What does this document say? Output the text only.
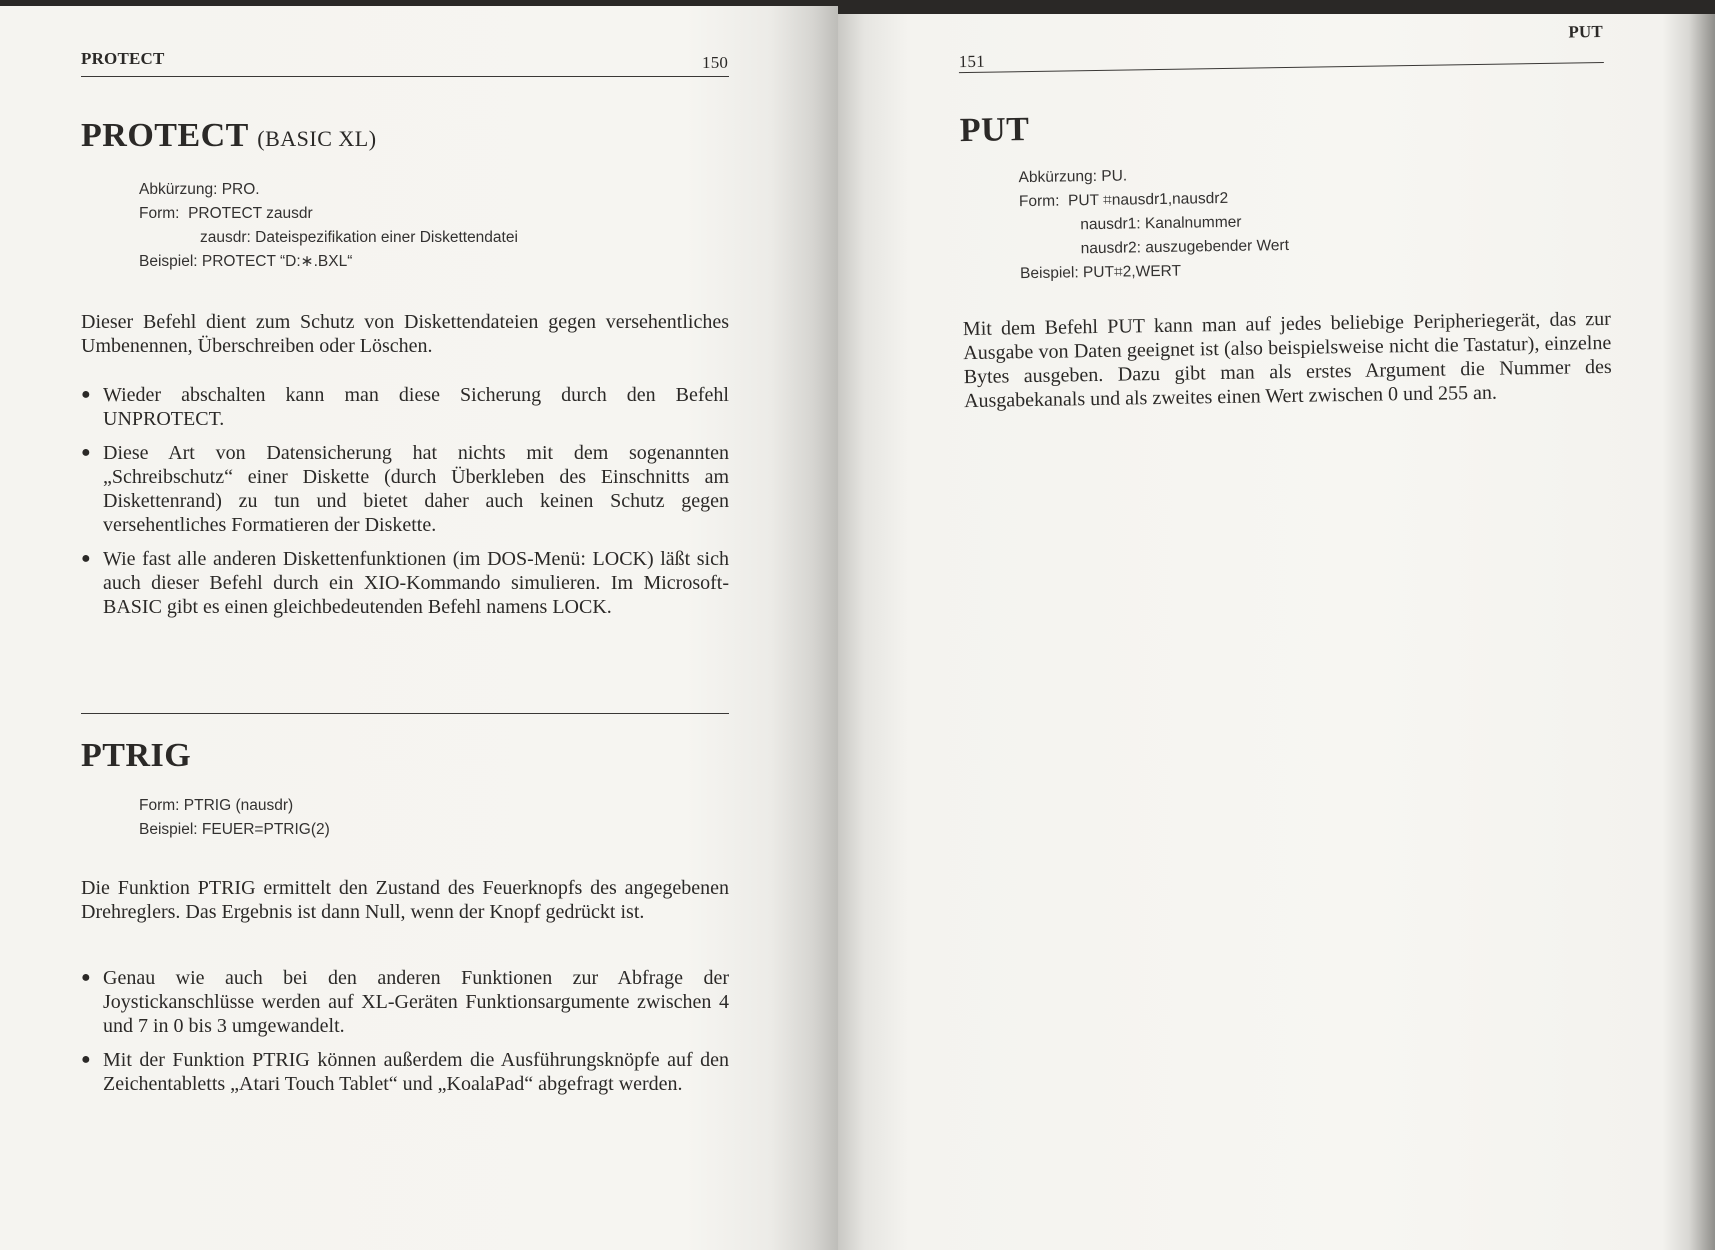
PROTECT	150
PROTECT (BASIC XL)
Abkürzung: PRO.
Form:  PROTECT zausdr
zausdr: Dateispezifikation einer Diskettendatei
Beispiel: PROTECT “D:∗.BXL“

Dieser Befehl dient zum Schutz von Diskettendateien gegen versehentliches Umbenennen, Überschreiben oder Löschen.

● Wieder abschalten kann man diese Sicherung durch den Befehl UNPROTECT.
● Diese Art von Datensicherung hat nichts mit dem sogenannten „Schreibschutz“ einer Diskette (durch Überkleben des Einschnitts am Diskettenrand) zu tun und bietet daher auch keinen Schutz gegen versehentliches Formatieren der Diskette.
● Wie fast alle anderen Diskettenfunktionen (im DOS-Menü: LOCK) läßt sich auch dieser Befehl durch ein XIO-Kommando simulieren. Im Microsoft-BASIC gibt es einen gleichbedeutenden Befehl namens LOCK.
PTRIG
Form: PTRIG (nausdr)
Beispiel: FEUER=PTRIG(2)

Die Funktion PTRIG ermittelt den Zustand des Feuerknopfs des angegebenen Drehreglers. Das Ergebnis ist dann Null, wenn der Knopf gedrückt ist.

● Genau wie auch bei den anderen Funktionen zur Abfrage der Joystickanschlüsse werden auf XL-Geräten Funktionsargumente zwischen 4 und 7 in 0 bis 3 umgewandelt.
● Mit der Funktion PTRIG können außerdem die Ausführungsknöpfe auf den Zeichentabletts „Atari Touch Tablet“ und „KoalaPad“ abgefragt werden.
151
PUT
PUT
Abkürzung: PU.
Form:  PUT ⌗nausdr1,nausdr2
nausdr1: Kanalnummer
nausdr2: auszugebender Wert
Beispiel: PUT⌗2,WERT

Mit dem Befehl PUT kann man auf jedes beliebige Peripheriegerät, das zur Ausgabe von Daten geeignet ist (also beispielsweise nicht die Tastatur), einzelne Bytes ausgeben. Dazu gibt man als erstes Argument die Nummer des Ausgabekanals und als zweites einen Wert zwischen 0 und 255 an.
